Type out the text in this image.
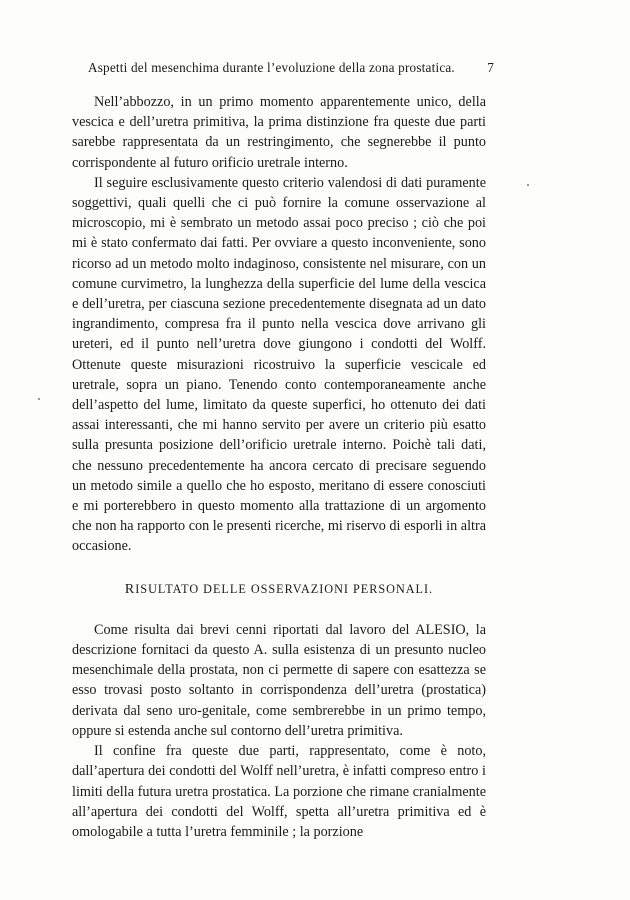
Aspetti del mesenchima durante l’evoluzione della zona prostatica. 7

Nell’abbozzo, in un primo momento apparentemente unico, della vescica e dell’uretra primitiva, la prima distinzione fra queste due parti sarebbe rappresentata da un restringimento, che segnerebbe il punto corrispondente al futuro orificio uretrale interno.

Il seguire esclusivamente questo criterio valendosi di dati puramente soggettivi, quali quelli che ci può fornire la comune osservazione al microscopio, mi è sembrato un metodo assai poco preciso ; ciò che poi mi è stato confermato dai fatti. Per ovviare a questo inconveniente, sono ricorso ad un metodo molto indaginoso, consistente nel misurare, con un comune curvimetro, la lunghezza della superficie del lume della vescica e dell’uretra, per ciascuna sezione precedentemente disegnata ad un dato ingrandimento, compresa fra il punto nella vescica dove arrivano gli ureteri, ed il punto nell’uretra dove giungono i condotti del Wolff. Ottenute queste misurazioni ricostruivo la superficie vescicale ed uretrale, sopra un piano. Tenendo conto contemporaneamente anche dell’aspetto del lume, limitato da queste superfici, ho ottenuto dei dati assai interessanti, che mi hanno servito per avere un criterio più esatto sulla presunta posizione dell’orificio uretrale interno. Poichè tali dati, che nessuno precedentemente ha ancora cercato di precisare seguendo un metodo simile a quello che ho esposto, meritano di essere conosciuti e mi porterebbero in questo momento alla trattazione di un argomento che non ha rapporto con le presenti ricerche, mi riservo di esporli in altra occasione.

RISULTATO DELLE OSSERVAZIONI PERSONALI.

Come risulta dai brevi cenni riportati dal lavoro del ALESIO, la descrizione fornitaci da questo A. sulla esistenza di un presunto nucleo mesenchimale della prostata, non ci permette di sapere con esattezza se esso trovasi posto soltanto in corrispondenza dell’uretra (prostatica) derivata dal seno uro-genitale, come sembrerebbe in un primo tempo, oppure si estenda anche sul contorno dell’uretra primitiva.

Il confine fra queste due parti, rappresentato, come è noto, dall’apertura dei condotti del Wolff nell’uretra, è infatti compreso entro i limiti della futura uretra prostatica. La porzione che rimane cranialmente all’apertura dei condotti del Wolff, spetta all’uretra primitiva ed è omologabile a tutta l’uretra femminile ; la porzione
